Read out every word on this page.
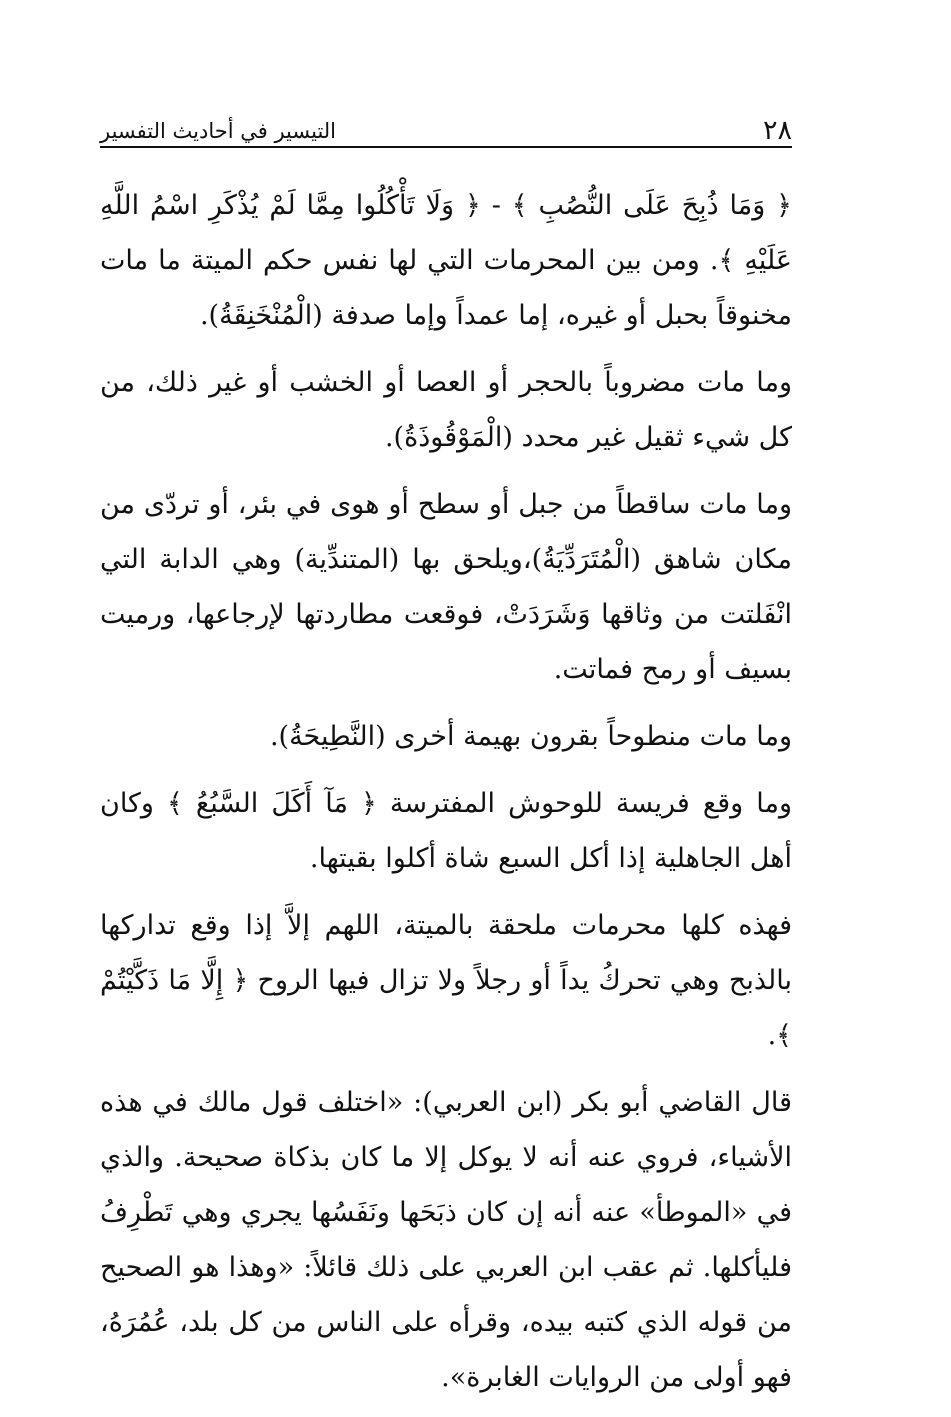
٢٨
التيسير في أحاديث التفسير

﴿ وَمَا ذُبِحَ عَلَى النُّصُبِ ﴾ - ﴿ وَلَا تَأْكُلُوا مِمَّا لَمْ يُذْكَرِ اسْمُ اللَّهِ عَلَيْهِ ﴾. ومن بين المحرمات التي لها نفس حكم الميتة ما مات مخنوقاً بحبل أو غيره، إما عمداً وإما صدفة (الْمُنْخَنِقَةُ).

وما مات مضروباً بالحجر أو العصا أو الخشب أو غير ذلك، من كل شيء ثقيل غير محدد (الْمَوْقُوذَةُ).

وما مات ساقطاً من جبل أو سطح أو هوى في بئر، أو تردّى من مكان شاهق (الْمُتَرَدِّيَةُ)،ويلحق بها (المتندِّية) وهي الدابة التي انْفَلتت من وثاقها وَشَرَدَتْ، فوقعت مطاردتها لإرجاعها، ورميت بسيف أو رمح فماتت.

وما مات منطوحاً بقرون بهيمة أخرى (النَّطِيحَةُ).

وما وقع فريسة للوحوش المفترسة ﴿ مَآ أَكَلَ السَّبُعُ ﴾ وكان أهل الجاهلية إذا أكل السبع شاة أكلوا بقيتها.

فهذه كلها محرمات ملحقة بالميتة، اللهم إلاَّ إذا وقع تداركها بالذبح وهي تحركُ يداً أو رجلاً ولا تزال فيها الروح ﴿ إِلَّا مَا ذَكَّيْتُمْ ﴾.

قال القاضي أبو بكر (ابن العربي): «اختلف قول مالك في هذه الأشياء، فروي عنه أنه لا يوكل إلا ما كان بذكاة صحيحة. والذي في «الموطأ» عنه أنه إن كان ذبَحَها ونَفَسُها يجري وهي تَطْرِفُ فليأكلها. ثم عقب ابن العربي على ذلك قائلاً: «وهذا هو الصحيح من قوله الذي كتبه بيده، وقرأه على الناس من كل بلد، عُمُرَهُ، فهو أولى من الروايات الغابرة».
